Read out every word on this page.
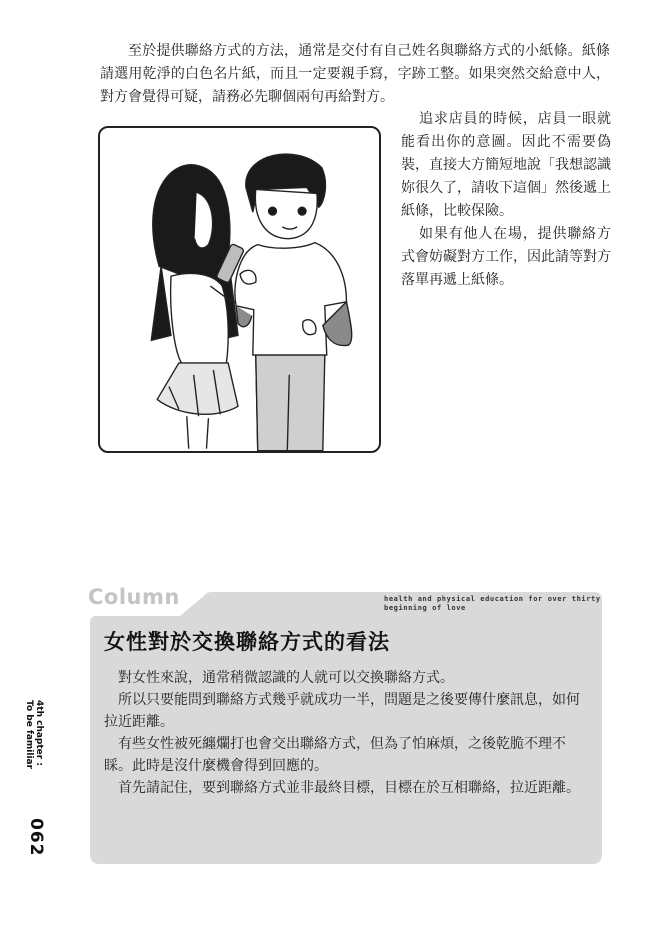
至於提供聯絡方式的方法，通常是交付有自己姓名與聯絡方式的小紙條。紙條請選用乾淨的白色名片紙，而且一定要親手寫，字跡工整。如果突然交給意中人，對方會覺得可疑，請務必先聊個兩句再給對方。

追求店員的時候，店員一眼就能看出你的意圖。因此不需要偽裝，直接大方簡短地說「我想認識妳很久了，請收下這個」然後遞上紙條，比較保險。

如果有他人在場，提供聯絡方式會妨礙對方工作，因此請等對方落單再遞上紙條。

Column	health and physical education for over thirty
beginning of love
女性對於交換聯絡方式的看法

對女性來說，通常稍微認識的人就可以交換聯絡方式。

所以只要能問到聯絡方式幾乎就成功一半，問題是之後要傳什麼訊息，如何拉近距離。

有些女性被死纏爛打也會交出聯絡方式，但為了怕麻煩，之後乾脆不理不睬。此時是沒什麼機會得到回應的。

首先請記住，要到聯絡方式並非最終目標，目標在於互相聯絡，拉近距離。

4th chapter :
To be familiar
062
